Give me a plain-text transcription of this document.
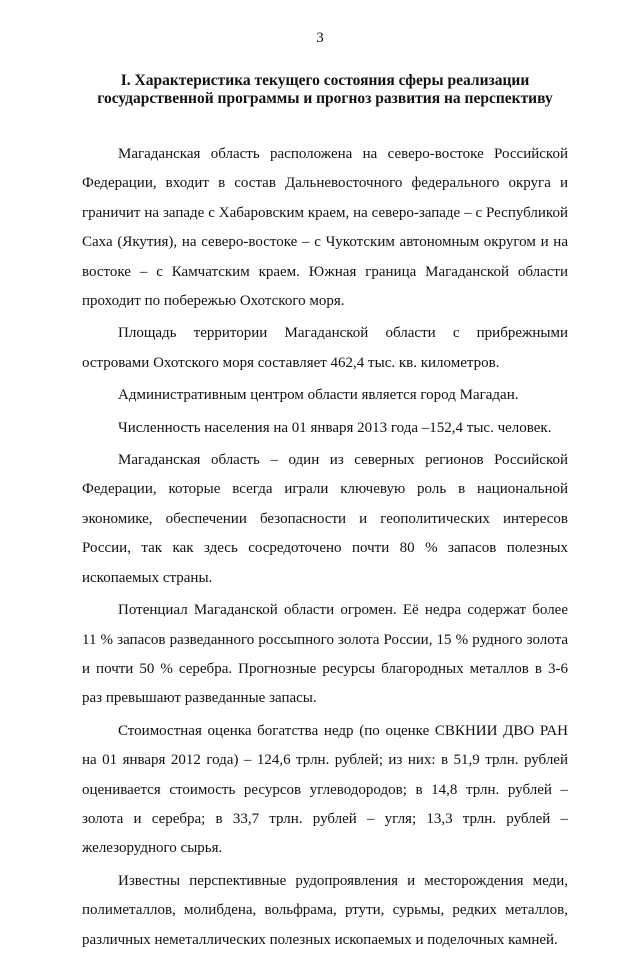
3
I. Характеристика текущего состояния сферы реализации
государственной программы и прогноз развития на перспективу

Магаданская область расположена на северо-востоке Российской Федерации, входит в состав Дальневосточного федерального округа и граничит на западе с Хабаровским краем, на северо-западе – с Республикой Саха (Якутия), на северо-востоке – с Чукотским автономным округом и на востоке – с Камчатским краем. Южная граница Магаданской области проходит по побережью Охотского моря.

Площадь территории Магаданской области с прибрежными островами Охотского моря составляет 462,4 тыс. кв. километров.

Административным центром области является город Магадан.

Численность населения на 01 января 2013 года –152,4 тыс. человек.

Магаданская область – один из северных регионов Российской Федерации, которые всегда играли ключевую роль в национальной экономике, обеспечении безопасности и геополитических интересов России, так как здесь сосредоточено почти 80 % запасов полезных ископаемых страны.

Потенциал Магаданской области огромен. Её недра содержат более 11 % запасов разведанного россыпного золота России, 15 % рудного золота и почти 50 % серебра. Прогнозные ресурсы благородных металлов в 3-6 раз превышают разведанные запасы.

Стоимостная оценка богатства недр (по оценке СВКНИИ ДВО РАН на 01 января 2012 года) – 124,6 трлн. рублей; из них: в 51,9 трлн. рублей оценивается стоимость ресурсов углеводородов; в 14,8 трлн. рублей – золота и серебра; в 33,7 трлн. рублей – угля; 13,3 трлн. рублей – железорудного сырья.

Известны перспективные рудопроявления и месторождения меди, полиметаллов, молибдена, вольфрама, ртути, сурьмы, редких металлов, различных неметаллических полезных ископаемых и поделочных камней.
